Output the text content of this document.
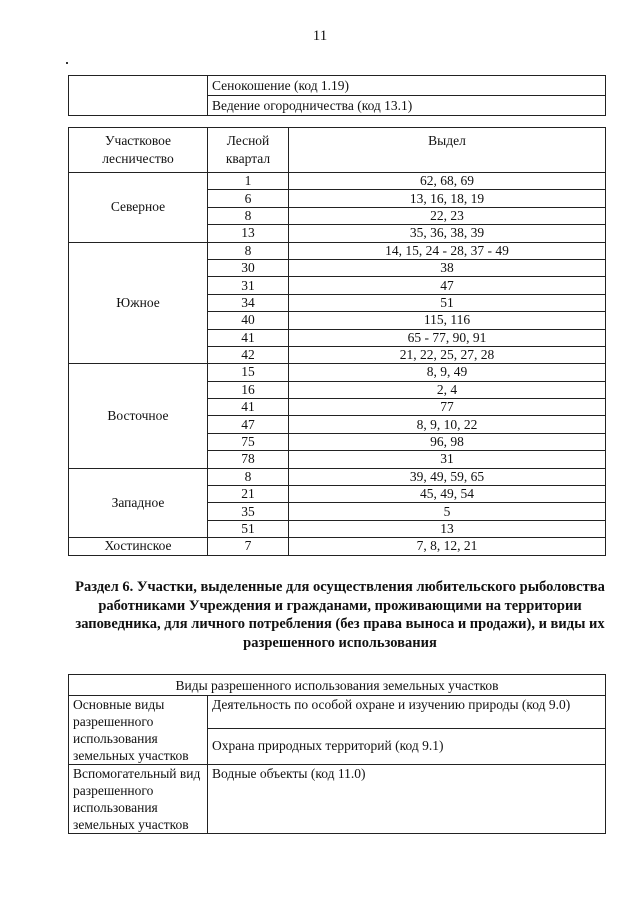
11
	Сенокошение (код 1.19)
	Ведение огородничества (код 13.1)
Участковое лесничество	Лесной квартал	Выдел
Северное	1	62, 68, 69
	6	13, 16, 18, 19
	8	22, 23
	13	35, 36, 38, 39
Южное	8	14, 15, 24 - 28, 37 - 49
	30	38
	31	47
	34	51
	40	115, 116
	41	65 - 77, 90, 91
	42	21, 22, 25, 27, 28
Восточное	15	8, 9, 49
	16	2, 4
	41	77
	47	8, 9, 10, 22
	75	96, 98
	78	31
Западное	8	39, 49, 59, 65
	21	45, 49, 54
	35	5
	51	13
Хостинское	7	7, 8, 12, 21
Раздел 6. Участки, выделенные для осуществления любительского рыболовства работниками Учреждения и гражданами, проживающими на территории заповедника, для личного потребления (без права выноса и продажи), и виды их разрешенного использования
Виды разрешенного использования земельных участков	
Основные виды разрешенного использования земельных участков	Деятельность по особой охране и изучению природы (код 9.0)
	Охрана природных территорий (код 9.1)
Вспомогательный вид разрешенного использования земельных участков	Водные объекты (код 11.0)
